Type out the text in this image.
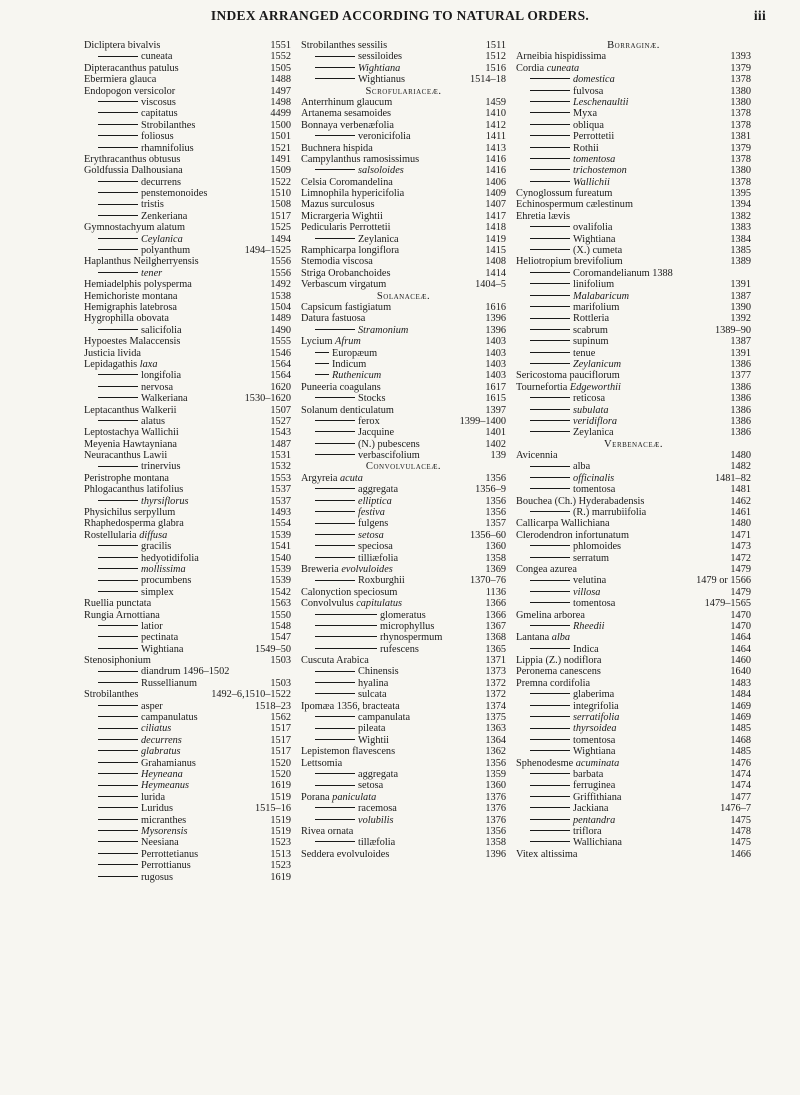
INDEX ARRANGED ACCORDING TO NATURAL ORDERS.	iii
Dicliptera bivalvis	1551
cuneata	1552
Dipteracanthus patulus	1505
Ebermiera glauca	1488
Endopogon versicolor	1497
viscosus	1498
capitatus	4499
Strobilanthes	1500
foliosus	1501
rhamnifolius	1521
Erythracanthus obtusus	1491
Goldfussia Dalhousiana	1509
decurrens	1522
penstemonoides	1510
tristis	1508
Zenkeriana	1517
Gymnostachyum alatum	1525
Ceylanica	1494
polyanthum	1494–1525
Haplanthus Neilgherryensis	1556
tener	1556
Hemiadelphis polysperma	1492
Hemichoriste montana	1538
Hemigraphis latebrosa	1504
Hygrophilla obovata	1489
salicifolia	1490
Hypoestes Malaccensis	1555
Justicia livida	1546
Lepidagathis laxa	1564
longifolia	1564
nervosa	1620
Walkeriana	1530–1620
Leptacanthus Walkerii	1507
alatus	1527
Leptostachya Wallichii	1543
Meyenia Hawtayniana	1487
Neuracanthus Lawii	1531
trinervius	1532
Peristrophe montana	1553
Phlogacanthus latifolius	1537
thyrsiflorus	1537
Physichilus serpyllum	1493
Rhaphedosperma glabra	1554
Rostellularia diffusa	1539
gracilis	1541
hedyotidifolia	1540
mollissima	1539
procumbens	1539
simplex	1542
Ruellia punctata	1563
Rungia Arnottiana	1550
latior	1548
pectinata	1547
Wightiana	1549–50
Stenosiphonium	1503
diandrum 1496–1502
Russellianum	1503
Strobilanthes	1492–6,1510–1522
asper	1518–23
campanulatus	1562
ciliatus	1517
decurrens	1517
glabratus	1517
Grahamianus	1520
Heyneana	1520
Heymeanus	1619
lurida	1519
Luridus	1515–16
micranthes	1519
Mysorensis	1519
Neesiana	1523
Perrottetianus	1513
Perrottianus	1523
rugosus	1619
Strobilanthes sessilis	1511
sessiloides	1512
Wightiana	1516
Wightianus	1514–18
Scrofulariaceæ.
Anterrhinum glaucum	1459
Artanema sesamoides	1410
Bonnaya verbenæfolia	1412
veronicifolia	1411
Buchnera hispida	1413
Campylanthus ramosissimus	1416
salsoloides	1416
Celsia Coromandelina	1406
Limnophila hypericifolia	1409
Mazus surculosus	1407
Micrargeria Wightii	1417
Pedicularis Perrottetii	1418
Zeylanica	1419
Ramphicarpa longiflora	1415
Stemodia viscosa	1408
Striga Orobanchoides	1414
Verbascum virgatum	1404–5
Solanaceæ.
Capsicum fastigiatum	1616
Datura fastuosa	1396
Stramonium	1396
Lycium Afrum	1403
Europæum	1403
Indicum	1403
Ruthenicum	1403
Puneeria coagulans	1617
Stocks	1615
Solanum denticulatum	1397
ferox	1399–1400
Jacquine	1401
(N.) pubescens	1402
verbascifolium	139
Convolvulaceæ.
Argyreia acuta	1356
aggregata	1356–9
elliptica	1356
festiva	1356
fulgens	1357
setosa	1356–60
speciosa	1360
tilliæfolia	1358
Breweria evolvuloides	1369
Roxburghii	1370–76
Calonyction speciosum	1136
Convolvulus capitulatus	1366
glomeratus	1366
microphyllus	1367
rhynospermum	1368
rufescens	1365
Cuscuta Arabica	1371
Chinensis	1373
hyalina	1372
sulcata	1372
Ipomæa 1356, bracteata	1374
campanulata	1375
pileata	1363
Wightii	1364
Lepistemon flavescens	1362
Lettsomia	1356
aggregata	1359
setosa	1360
Porana paniculata	1376
racemosa	1376
volubilis	1376
Rivea ornata	1356
tillæfolia	1358
Seddera evolvuloides	1396
Borraginæ.
Arneibia hispidissima	1393
Cordia cuneata	1379
domestica	1378
fulvosa	1380
Leschenaultii	1380
Myxa	1378
obliqua	1378
Perrottetii	1381
Rothii	1379
tomentosa	1378
trichostemon	1380
Wallichii	1378
Cynoglossum fureatum	1395
Echinospermum cælestinum	1394
Ehretia lævis	1382
ovalifolia	1383
Wightiana	1384
(X.) cumeta	1385
Heliotropium brevifolium	1389
Coromandelianum 1388
linifolium	1391
Malabaricum	1387
marifolium	1390
Rottleria	1392
scabrum	1389–90
supinum	1387
tenue	1391
Zeylanicum	1386
Sericostoma pauciflorum	1377
Tournefortia Edgeworthii	1386
reticosa	1386
subulata	1386
veridiflora	1386
Zeylanica	1386
Verbenaceæ.
Avicennia	1480
alba	1482
officinalis	1481–82
tomentosa	1481
Bouchea (Ch.) Hyderabadensis	1462
(R.) marrubiifolia	1461
Callicarpa Wallichiana	1480
Clerodendron infortunatum	1471
phlomoides	1473
serratum	1472
Congea azurea	1479
velutina	1479 or 1566
villosa	1479
tomentosa	1479–1565
Gmelina arborea	1470
Rheedii	1470
Lantana alba	1464
Indica	1464
Lippia (Z.) nodiflora	1460
Peronema canescens	1640
Premna cordifolia	1483
glaberima	1484
integrifolia	1469
serratifolia	1469
thyrsoidea	1485
tomentosa	1468
Wightiana	1485
Sphenodesme acuminata	1476
barbata	1474
ferruginea	1474
Griffithiana	1477
Jackiana	1476–7
pentandra	1475
triflora	1478
Wallichiana	1475
Vitex altissima	1466
